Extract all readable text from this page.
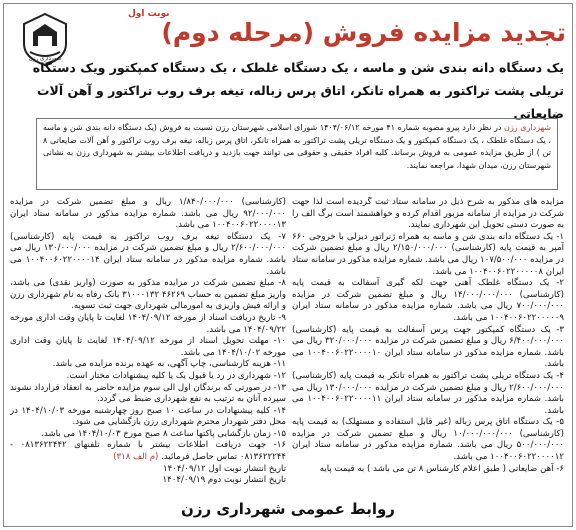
شهرداری رزن
نوبت اول
تجدید مزایده فروش (مرحله دوم)
یک دستگاه دانه بندی شن و ماسه ، یک دستگاه غلطک ، یک دستگاه کمپکتور ویک دستگاه تریلی پشت تراکتور به همراه تانکر، اتاق پرس زباله، تیغه برف روب تراکتور و آهن آلات ضایعاتی
شهرداری رزن در نظر دارد پیرو مصوبه شماره ۴۱ مورخه ۱۴۰۴/۰۶/۱۲ شورای اسلامی شهرستان رزن نسبت به فروش (یک دستگاه دانه بندی شن و ماسه ، یک دستگاه غلطک ، یک دستگاه کمپکتور و یک دستگاه تریلی پشت تراکتور به همراه تانکر، اتاق پرس زباله، تیغه برف روب تراکتور و آهن آلات ضایعاتی ۸ تن ) از طریق مزایده عمومی به فروش برساند. کلیه افراد حقیقی و حقوقی می توانند جهت بازدید و دریافت اطلاعات بیشتر به شهرداری رزن به نشانی شهرستان رزن، میدان شهدا، مراجعه نمایند.

مزایده های مذکور به شرح ذیل در سامانه ستاد ثبت گردیده است لذا جهت شرکت در مزایده از سامانه مزبور اقدام کرده و خواهشمند است برگ الف را به صورت دستی تحویل این شهرداری نمایند.

۱- یک دستگاه دانه بندی شن و ماسه به همراه ژنراتور دیزلی با خروجی ۶۶۰ آمپر به قیمت پایه (کارشناسی) ۲/۱۵۰/۰۰۰/۰۰۰ ریال و مبلغ تضمین شرکت در مزایده ۱۰۷/۵۰۰/۰۰۰ ریال می باشد. شماره مزایده مذکور در سامانه ستاد ایران ۱۰۰۴۰۰۶۰۲۲۰۰۰۰۰۸ می باشد.

۲- یک دستگاه غلطک آهنی جهت لکه گیری آسفالت به قیمت پایه (کارشناسی) ۱۴/۰۰۰/۰۰۰/۰۰۰ ریال و مبلغ تضمین شرکت در مزایده ۷۰۰/۰۰۰/۰۰۰ ریال می باشد. شماره مزایده مذکور در سامانه ستاد ایران ۱۰۰۴۰۰۶۰۲۲۰۰۰۰۰۹ می باشد.

۳- یک دستگاه کمپکتور جهت پرس آسفالت به قیمت پایه (کارشناسی) ۶/۴۰۰/۰۰۰/۰۰۰ ریال و مبلغ تضمین شرکت در مزایده ۳۲۰/۰۰۰/۰۰۰ ریال می باشد. شماره مزایده مذکور در سامانه ستاد ایران ۱۰۰۴۰۰۶۰۲۲۰۰۰۰۱۰ می باشد.

۴- یک دستگاه تریلی پشت تراکتور به همراه تانکر به قیمت پایه (کارشناسی) ۲/۶۰۰/۰۰۰/۰۰۰ ریال و مبلغ تضمین شرکت در مزایده ۱۳۰/۰۰۰/۰۰۰ ریال می باشد. شماره مزایده مذکور در سامانه ستاد ایران ۱۰۰۴۰۰۶۰۲۲۰۰۰۰۱۱ می باشد.

۵- یک دستگاه اتاق پرس زباله (غیر قابل استفاده و مستهلک) به قیمت پایه (کارشناسی) ۱۰/۰۰۰/۰۰۰/۰۰۰ ریال و مبلغ تضمین شرکت در مزایده ۵۰۰/۰۰۰/۰۰۰ ریال می باشد. شماره مزایده مذکور در سامانه ستاد ایران ۱۰۰۴۰۰۶۰۲۲۰۰۰۰۱۲ می باشد.

۶- آهن ضایعاتی ( طبق اعلام کارشناس ۸ تن می باشد ) به قیمت پایه

(کارشناسی) ۱/۸۴۰/۰۰۰/۰۰۰ ریال و مبلغ تضمین شرکت در مزایده ۹۲/۰۰۰/۰۰۰ ریال می باشد. شماره مزایده مذکور در سامانه ستاد ایران ۱۰۰۴۰۰۶۰۲۲۰۰۰۰۱۳ می باشد.

۷- یک دستگاه تیغه برف روب تراکتور به قیمت پایه (کارشناسی) ۲/۶۰۰/۰۰۰/۰۰۰ ریال و مبلغ تضمین شرکت در مزایده ۱۳۰/۰۰۰/۰۰۰ ریال می باشد. شماره مزایده مذکور در سامانه ستاد ایران ۱۰۰۴۰۰۶۰۲۲۰۰۰۰۱۴ می باشد.

۸- مبلغ تضمین شرکت در مزایده مذکور به صورت (واریز نقدی) می باشد، واریز مبلغ تضمین به حساب ۴۶۲۶۹ ۳۱۰۰۰۱۳۲ بانک رفاه به نام شهرداری رزن و ارائه فیش واریزی به امورمالی شهرداری جهت ثبت تسویه.

۹- تاریخ دریافت اسناد از مورخه ۱۴۰۴/۰۹/۱۲ لغایت تا پایان وقت اداری مورخه ۱۴۰۴/۰۹/۲۲ می باشد.

۱۰- مهلت تحویل اسناد از مورخه ۱۴۰۴/۰۹/۱۲ لغایت تا پایان وقت اداری مورخه ۱۴۰۴/۱۰/۰۲ می باشد.

۱۱- هزینه کارشناسی، چاپ آگهی، به عهده برنده مزایده می باشد.

۱۲- شهرداری در رد یا قبول یک یا کلیه پیشنهادات مختار است.

۱۳- در صورتی که برندگان اول الی سوم مزایده حاضر به انعقاد قرارداد نشوند سپرده آنان به ترتیب به نفع شهرداری ضبط می گردد.

۱۴- کلیه پیشنهادات در ساعت ۱۰ صبح روز چهارشنبه مورخه ۱۴۰۴/۱۰/۰۳ در محل دفتر شهردار محترم شهرداری رزن بازگشایی می شود.

۱۵- زمان بازگشایی پاکتها ساعت ۸ صبح مورخ ۱۴۰۴/۱۰/۰۳ می باشد.

۱۶- جهت دریافت اطلاعات بیشتر با شماره تلفنهای ۰۸۱۳۶۲۲۴۴۲ - ۰۸۱۳۶۲۲۲۴۴ تماس حاصل فرمائید. (م الف ۳۱۸)

تاریخ انتشار نوبت اول ۱۴۰۴/۰۹/۱۲

تاریخ انتشار نوبت دوم ۱۴۰۴/۰۹/۱۹

روابط عمومی شهرداری رزن
